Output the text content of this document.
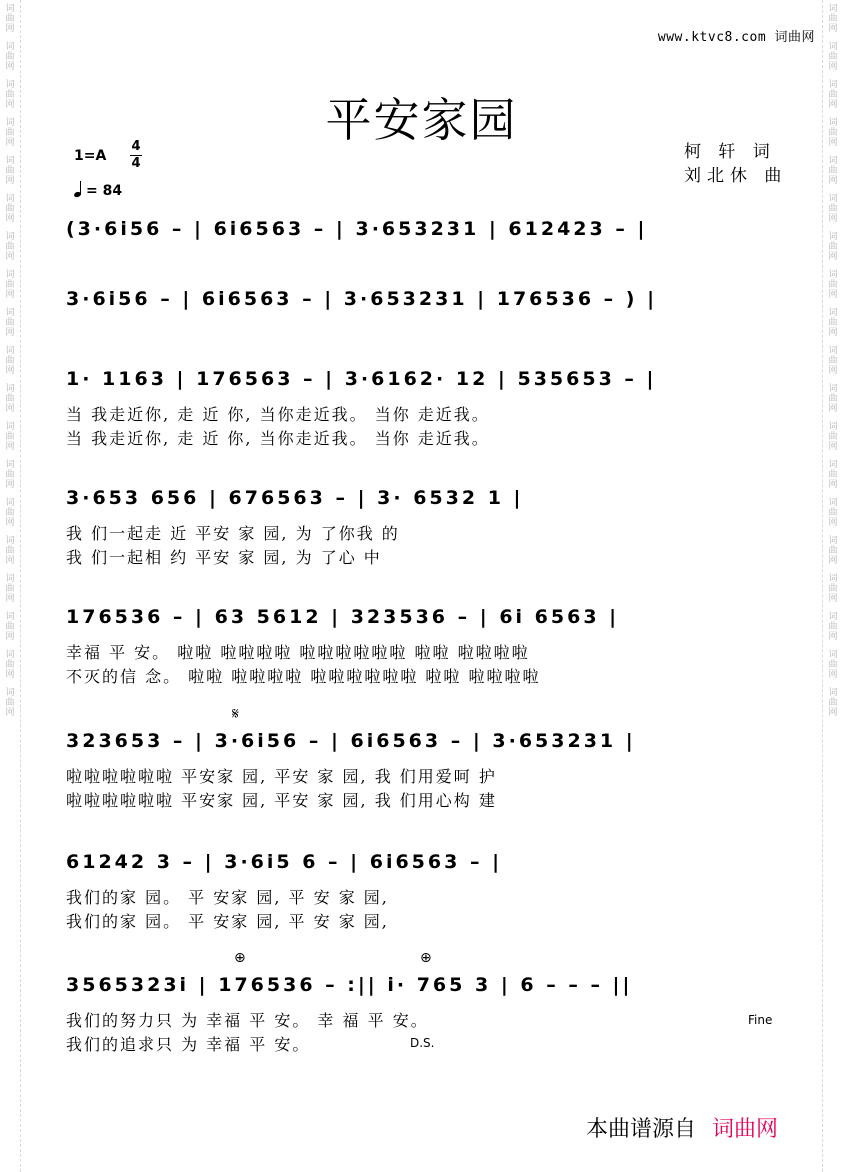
词
曲
网
词
曲
网
词
曲
网
词
曲
网
词
曲
网
词
曲
网
词
曲
网
词
曲
网
词
曲
网
词
曲
网
词
曲
网
词
曲
网
词
曲
网
词
曲
网
词
曲
网
词
曲
网
词
曲
网
词
曲
网
词
曲
网
词
曲
网
词
曲
网
词
曲
网
词
曲
网
词
曲
网
词
曲
网
词
曲
网
词
曲
网
词
曲
网
词
曲
网
词
曲
网
词
曲
网
词
曲
网
词
曲
网
词
曲
网
词
曲
网
词
曲
网
词
曲
网
词
曲
网
www.ktvc8.com 词曲网
平安家园
1=A
4
4
= 84
柯 轩 词
刘北休 曲
(3·6i56 – | 6i6563 – | 3·653231 | 612423 – |
3·6i56 – | 6i6563 – | 3·653231 | 176536 – ) |
1· 1163 | 176563 – | 3·6162· 12 | 535653 – |
当 我走近你, 走 近 你, 当你走近我。 当你 走近我。
当 我走近你, 走 近 你, 当你走近我。 当你 走近我。
3·653 656 | 676563 – | 3· 6532 1 |
我 们一起走 近 平安 家 园, 为 了你我 的
我 们一起相 约 平安 家 园, 为 了心 中
176536 – | 63 5612 | 323536 – | 6i 6563 |
幸福 平 安。 啦啦 啦啦啦啦 啦啦啦啦啦啦 啦啦 啦啦啦啦
不灭的信 念。 啦啦 啦啦啦啦 啦啦啦啦啦啦 啦啦 啦啦啦啦
323653 – | 3·6i56 – | 6i6563 – | 3·653231 |
啦啦啦啦啦啦 平安家 园, 平安 家 园, 我 们用爱呵 护
啦啦啦啦啦啦 平安家 园, 平安 家 园, 我 们用心构 建
61242 3 – | 3·6i5 6 – | 6i6563 – |
我们的家 园。 平 安家 园, 平 安 家 园,
我们的家 园。 平 安家 园, 平 安 家 园,
3565323i | 176536 – :|| i· 765 3 | 6 – – – ||
我们的努力只 为 幸福 平 安。 幸 福 平 安。
我们的追求只 为 幸福 平 安。
𝄋
⊕	⊕
Fine
D.S.
本曲谱源自 词曲网
